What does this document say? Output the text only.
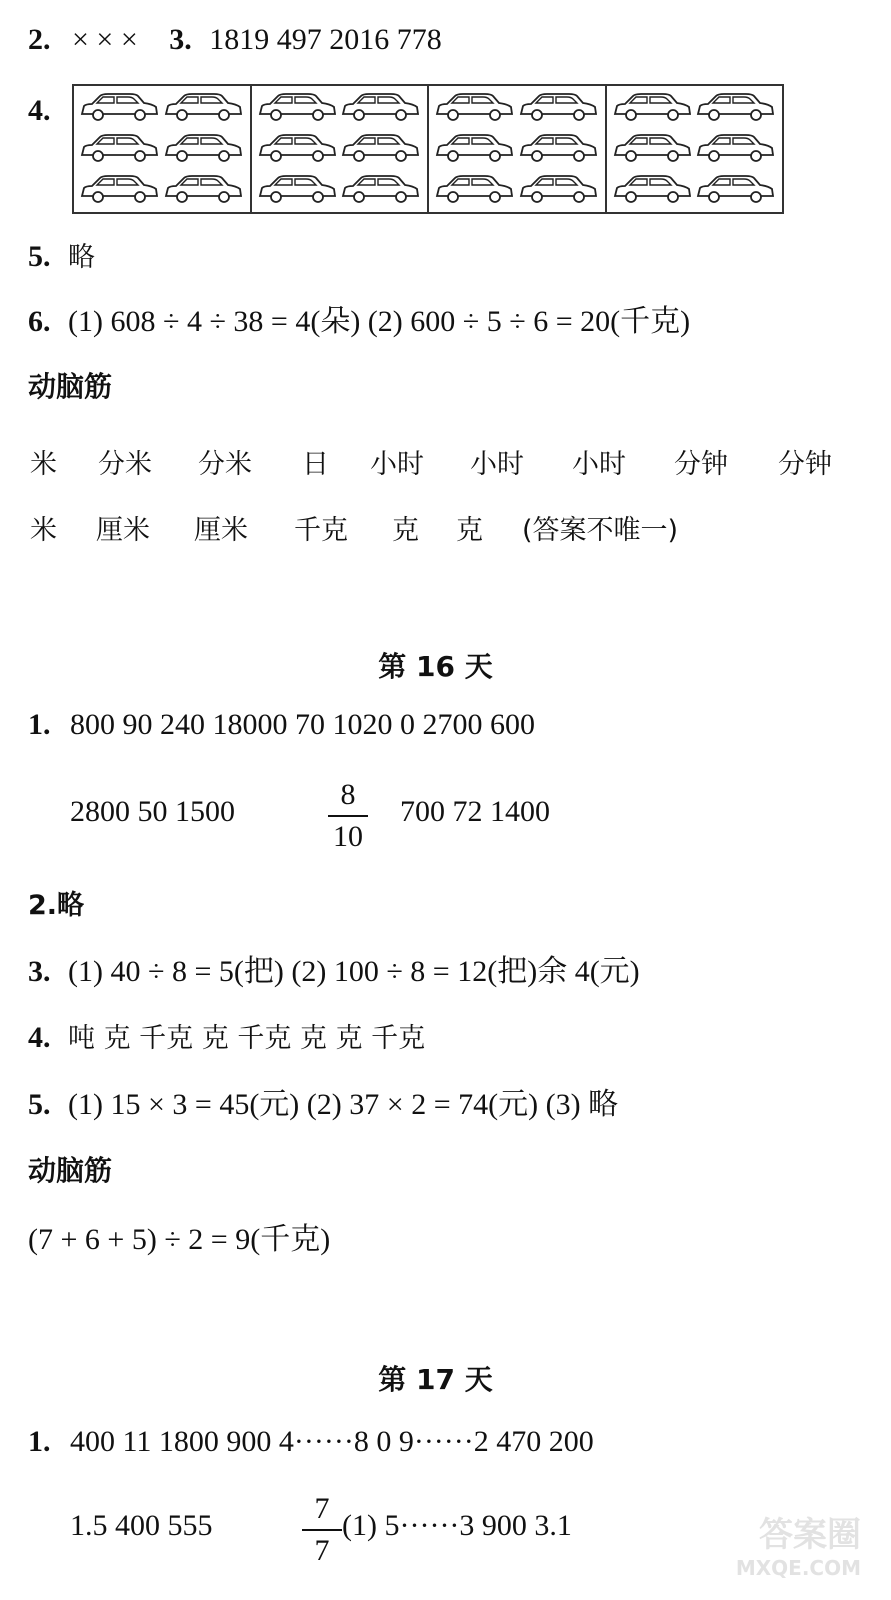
2. × × × 3. 1819 497 2016 778
4.
5. 略
6. (1) 608 ÷ 4 ÷ 38 = 4(朵) (2) 600 ÷ 5 ÷ 6 = 20(千克)
动脑筋
米 分米 分米 日 小时 小时 小时 分钟 分钟
米 厘米 厘米 千克 克 克 (答案不唯一)
第 16 天
1. 800 90 240 18000 70 1020 0 2700 600
2800 50 1500
8
10
700 72 1400
2.略
3. (1) 40 ÷ 8 = 5(把) (2) 100 ÷ 8 = 12(把)余 4(元)
4. 吨 克 千克 克 千克 克 克 千克
5. (1) 15 × 3 = 45(元) (2) 37 × 2 = 74(元) (3) 略
动脑筋
(7 + 6 + 5) ÷ 2 = 9(千克)
第 17 天
1. 400 11 1800 900 4······8 0 9······2 470 200
1.5 400 555
7
7
(1) 5······3 900 3.1	答案圈
MXQE.COM
